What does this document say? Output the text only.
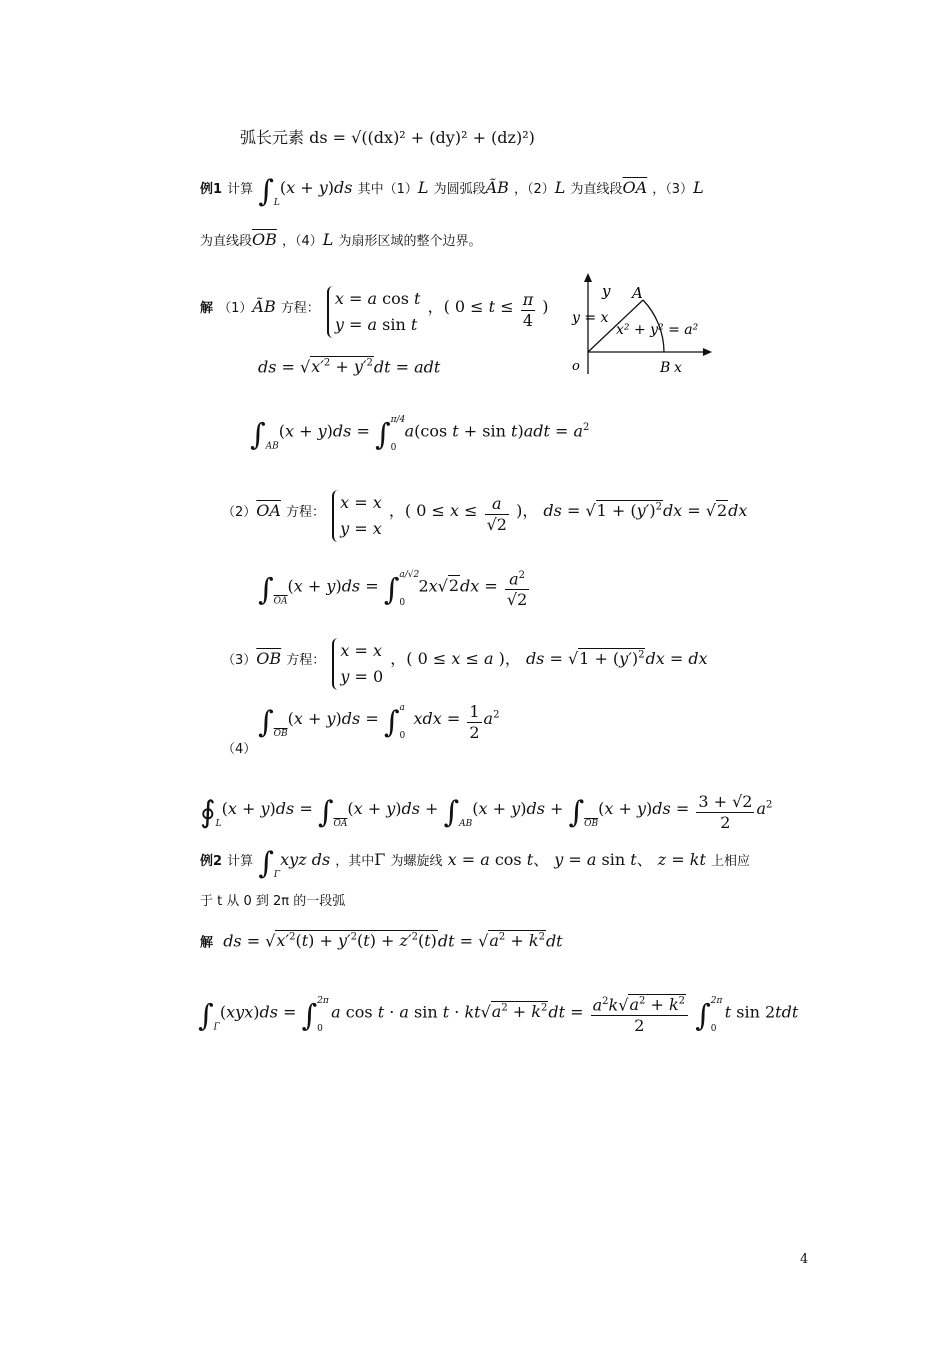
弧长元素 ds = √((dx)² + (dy)² + (dz)²)
例1 计算 $\int_L(x + y)ds$ 其中（1）L 为圆弧段ÃB ，（2）L 为直线段$\overline{OA}$ ，（3）L
为直线段$\overline{OB}$ ，（4）L 为扇形区域的整个边界。
解 （1）ÃB 方程：
x = a cos t
y = a sin t
，( $0 \le t \le \frac{\pi}{4}$ )
ds = $√x'^2 + y'^2dt$ = adt
y A
y = x
x² + y² = a²
o	B x
$\int_{AB}(x + y)ds$ = ∫ π/4
0
a(cos $t + \sin t)adt = a^2$
$(2)\overline{OA}$ 方程：
x = x
y = x
，( $0 \le x \le \frac{a}{√2}$ )， ds = $√1 + (y')^2dx = √2dx$
$\int_{\overline{OA}}(x + y)ds$ = ∫ a/√2
0
$2x√2dx = \frac{a^2}{√2}$
$(3)\overline{OB}$ 方程：
x = x
y = 0
，( 0 ≤ x ≤ a )， ds = $√1 + (y')^2dx$ = dx
$\int_{\overline{OB}}(x + y)ds$ = ∫ a
0
xdx = $\frac{1}{2} a^2$
（4）
$∮_L(x + y)ds = \int_{\overline{OA}}(x + y)ds + \int_{AB}(x + y)ds + \int_{\overline{OB}}(x + y)ds = \frac{3 + √2}{2} a^2$
例2 计算 $\int_\Gamma xyz$ ds ，其中Γ 为螺旋线 x = a cos t、 y = a sin t、 z = kt 上相应
于 t 从 0 到 2π 的一段弧
解 ds = $√x'^2(t) + y'^2(t) + z'^2(t)dt = √a^2 + k^2dt$
$\int_\Gamma(xyx)ds$ = ∫ 2π
0
a cos t · a $\sin t \cdot kt√a^2 + k^2dt = \frac{a^2k√a^2 + k^2}{2}$ ∫ 2π
0
t sin 2tdt
4
